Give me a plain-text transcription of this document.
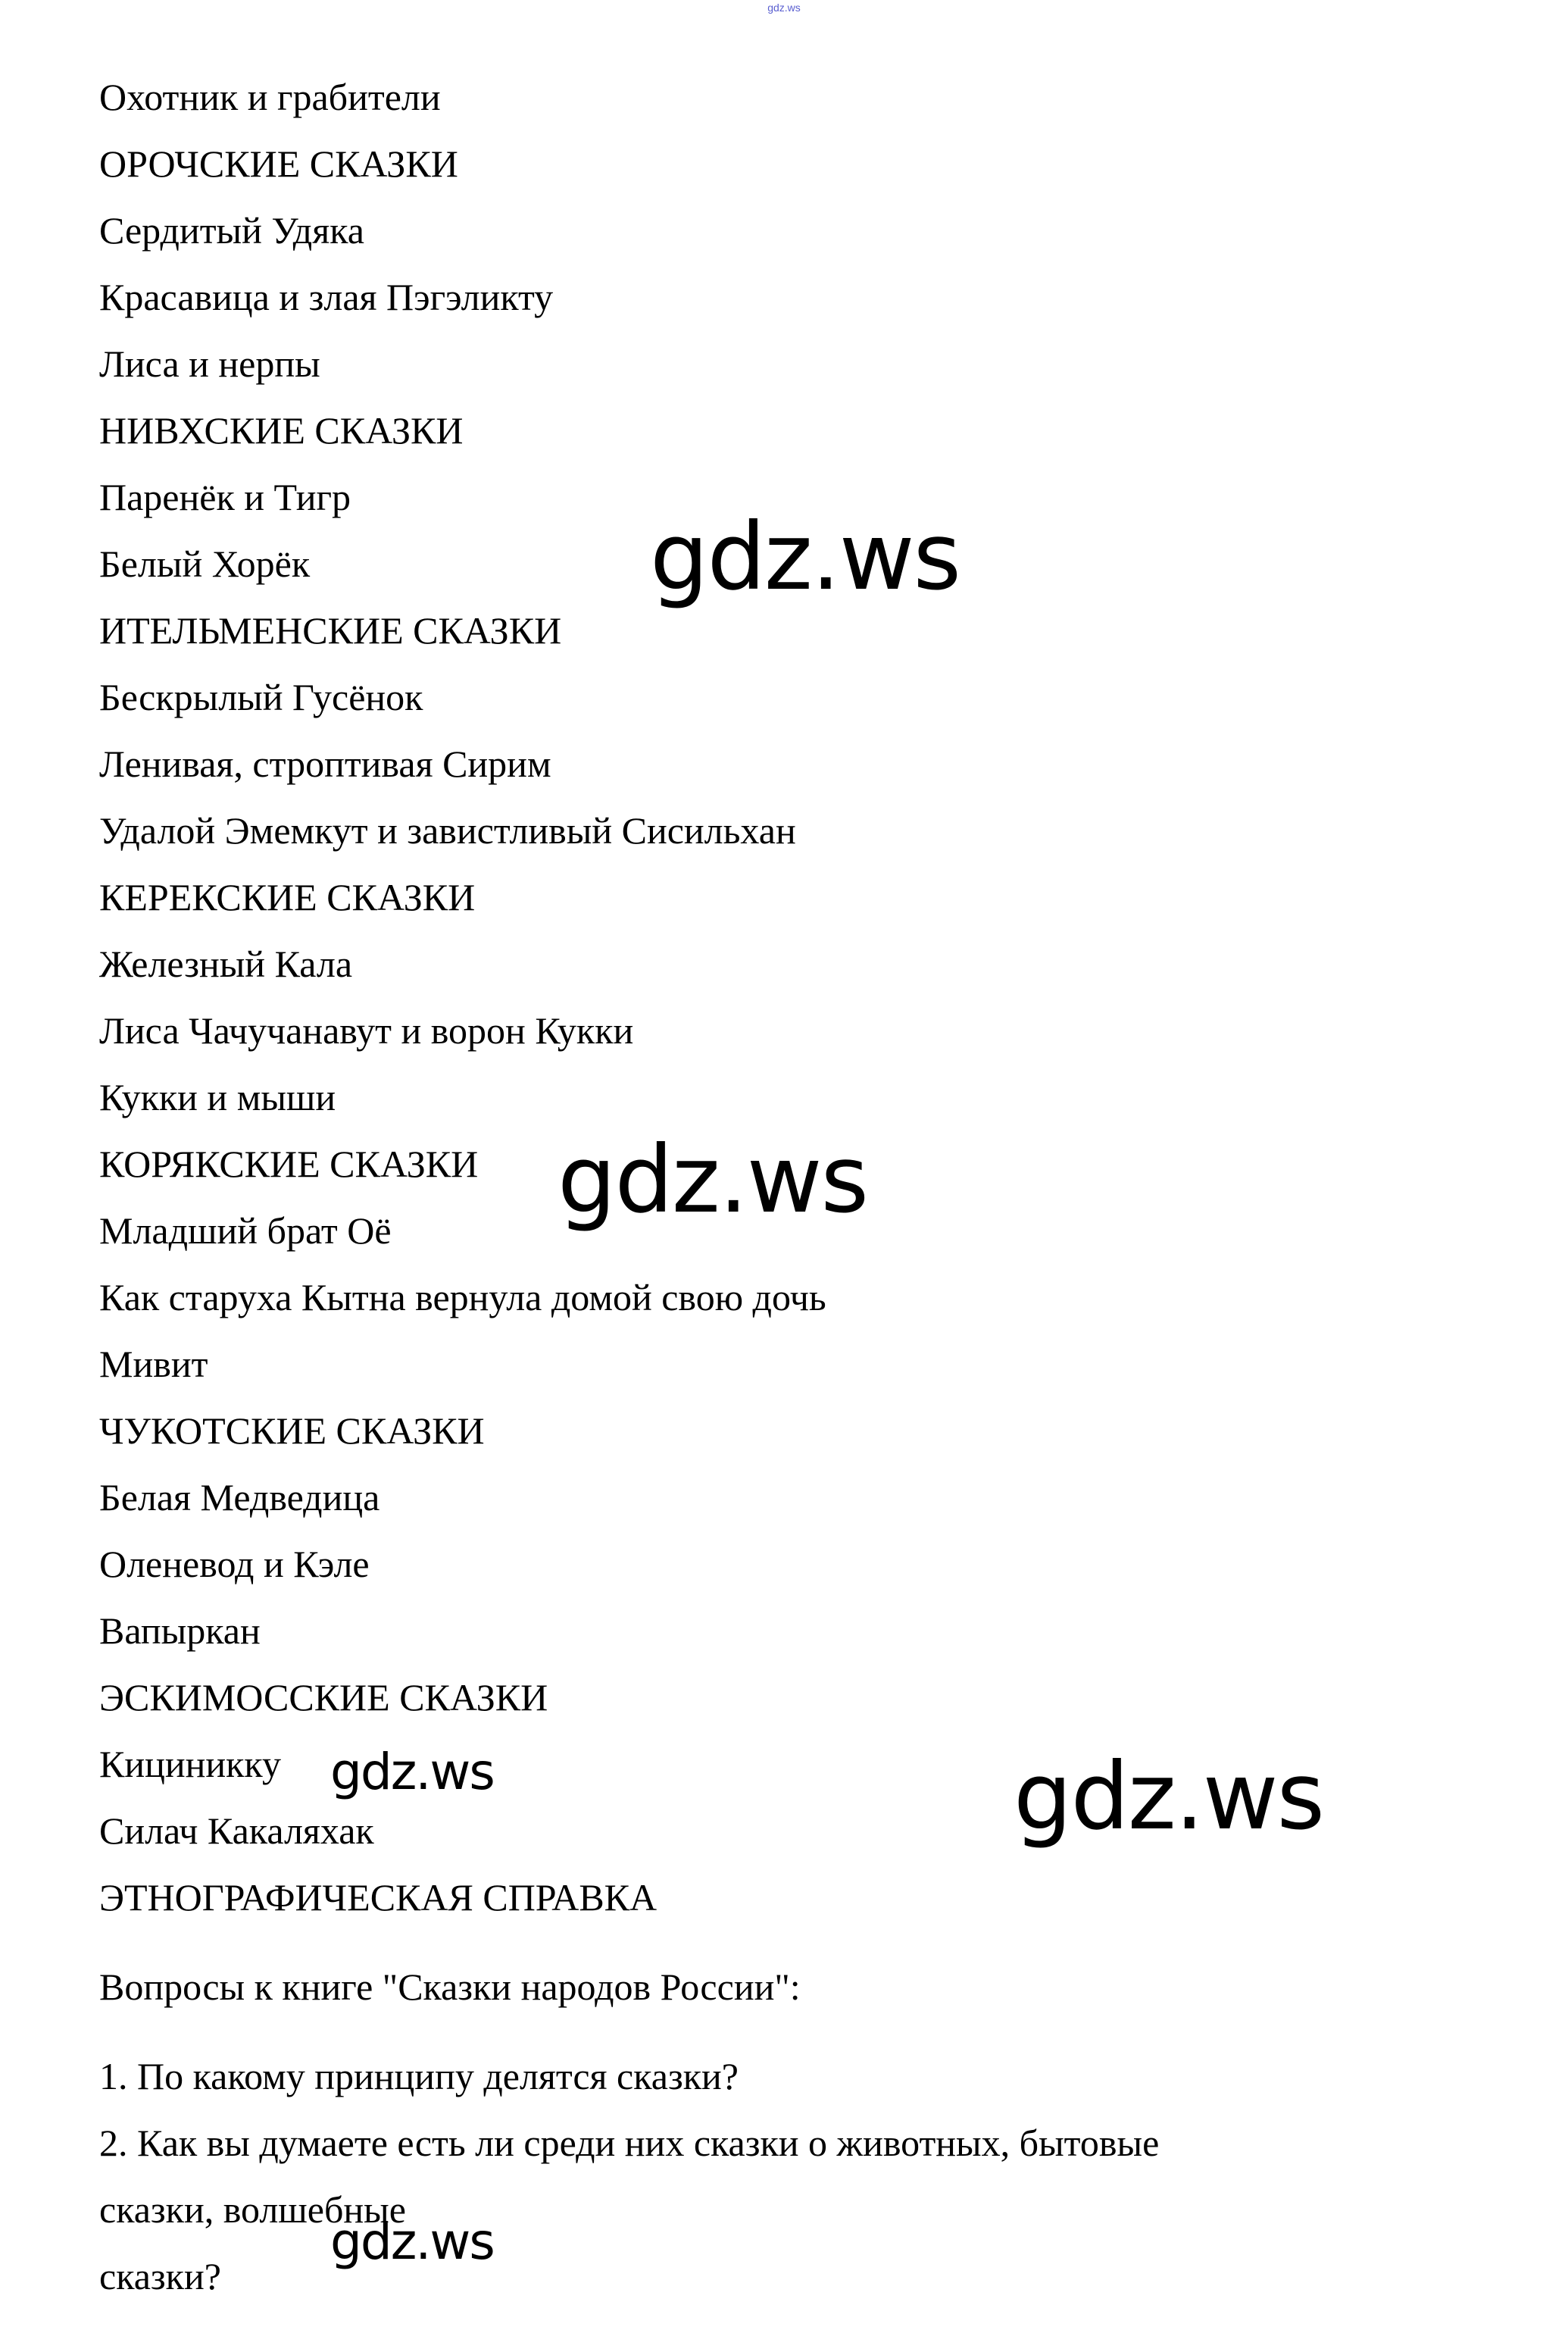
gdz.ws
Охотник и грабители
ОРОЧСКИЕ СКАЗКИ
Сердитый Удяка
Красавица и злая Пэгэликту
Лиса и нерпы
НИВХСКИЕ СКАЗКИ
Паренёк и Тигр
Белый Хорёк
ИТЕЛЬМЕНСКИЕ СКАЗКИ
Бескрылый Гусёнок
Ленивая, строптивая Сирим
Удалой Эмемкут и завистливый Сисильхан
КЕРЕКСКИЕ СКАЗКИ
Железный Кала
Лиса Чачучанавут и ворон Кукки
Кукки и мыши
КОРЯКСКИЕ СКАЗКИ
Младший брат Оё
Как старуха Кытна вернула домой свою дочь
Мивит
ЧУКОТСКИЕ СКАЗКИ
Белая Медведица
Оленевод и Кэле
Вапыркан
ЭСКИМОССКИЕ СКАЗКИ
Кициникку
Силач Какаляхак
ЭТНОГРАФИЧЕСКАЯ СПРАВКА
Вопросы к книге "Сказки народов России":
1. По какому принципу делятся сказки?
2. Как вы думаете есть ли среди них сказки о животных, бытовые
сказки, волшебные
сказки?
gdz.ws
gdz.ws
gdz.ws	gdz.ws
gdz.ws
